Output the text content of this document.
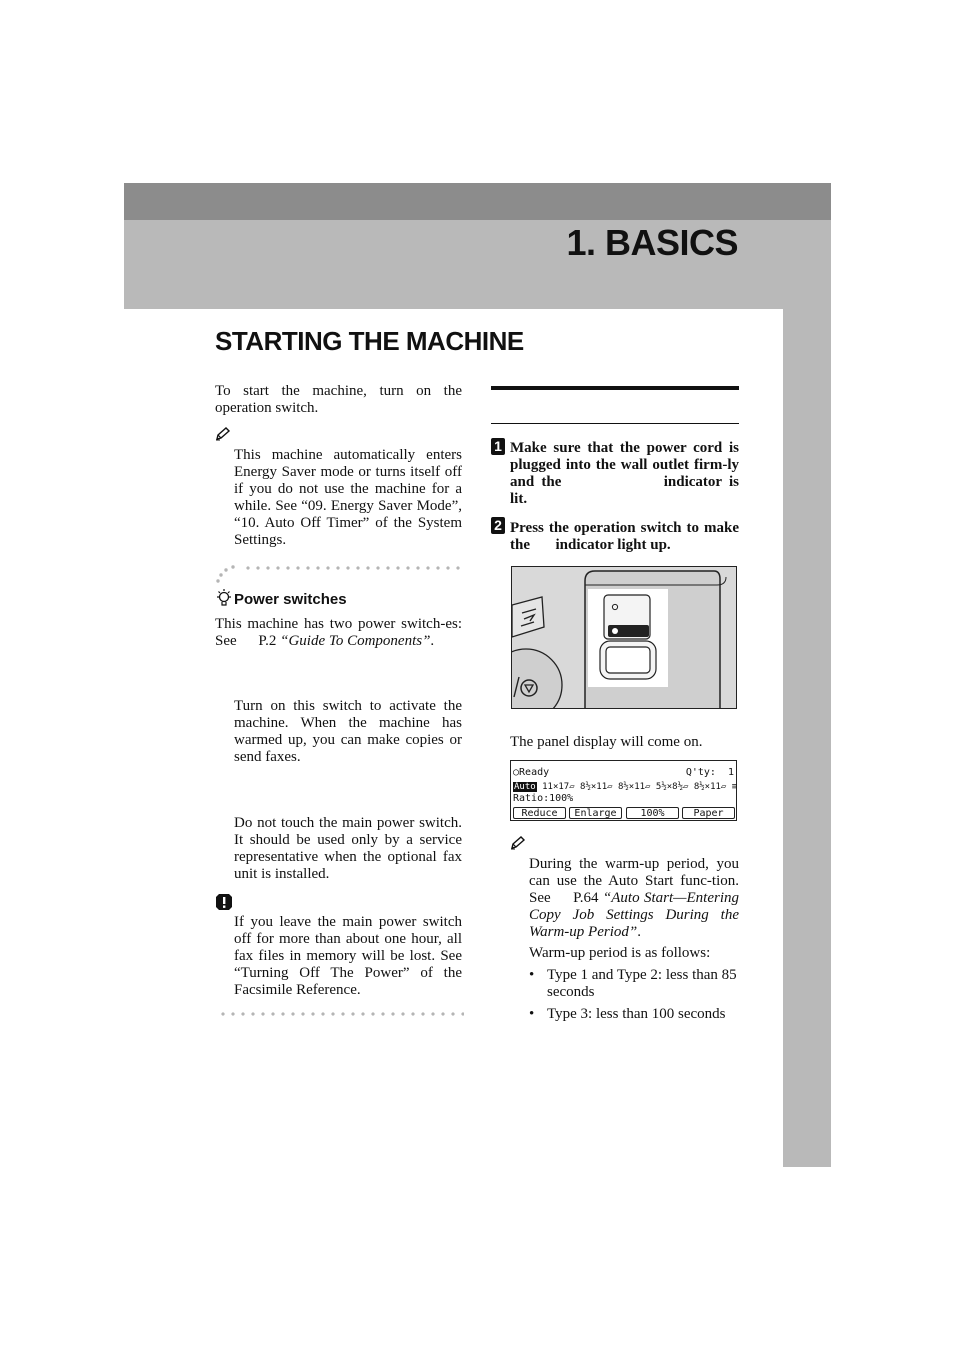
1. BASICS
STARTING THE MACHINE
To start the machine, turn on the operation switch.
This machine automatically enters Energy Saver mode or turns itself off if you do not use the machine for a while. See “09. Energy Saver Mode”, “10. Auto Off Timer” of the System Settings.
Power switches
This machine has two power switch-es: See P.2 “Guide To Components”.
Turn on this switch to activate the machine. When the machine has warmed up, you can make copies or send faxes.
Do not touch the main power switch. It should be used only by a service representative when the optional fax unit is installed.
If you leave the main power switch off for more than about one hour, all fax files in memory will be lost. See “Turning Off The Power” of the Facsimile Reference.
1 Make sure that the power cord is plugged into the wall outlet firm-ly and the	indicator is lit.
2 Press the operation switch to make the indicator light up.
The panel display will come on.
○Ready	Q'ty: 1
Auto 11×17▱ 8½×11▱ 8½×11▱ 5½×8½▱ 8½×11▱ ≡
Ratio:100%
Reduce	Enlarge	100%	Paper
During the warm-up period, you can use the Auto Start func-tion. See P.64 “Auto Start—Entering Copy Job Settings During the Warm-up Period”.
Warm-up period is as follows:
• Type 1 and Type 2: less than 85 seconds
• Type 3: less than 100 seconds
